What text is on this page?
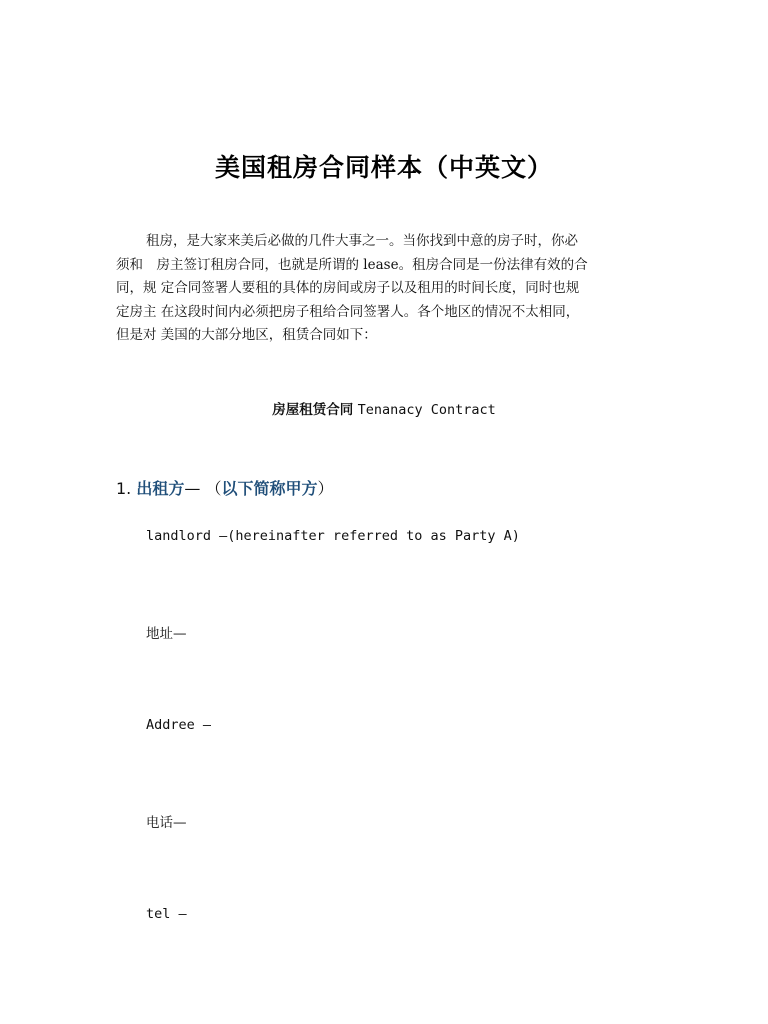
美国租房合同样本（中英文）
租房，是大家来美后必做的几件大事之一。当你找到中意的房子时，你必
须和　房主签订租房合同，也就是所谓的 lease。租房合同是一份法律有效的合
同，规 定合同签署人要租的具体的房间或房子以及租用的时间长度，同时也规
定房主 在这段时间内必须把房子租给合同签署人。各个地区的情况不太相同，
但是对 美国的大部分地区，租赁合同如下：
房屋租赁合同 Tenanacy Contract
1. 出租方— （以下简称甲方）
landlord —(hereinafter referred to as Party A)
地址—
Addree —
电话—
tel —
